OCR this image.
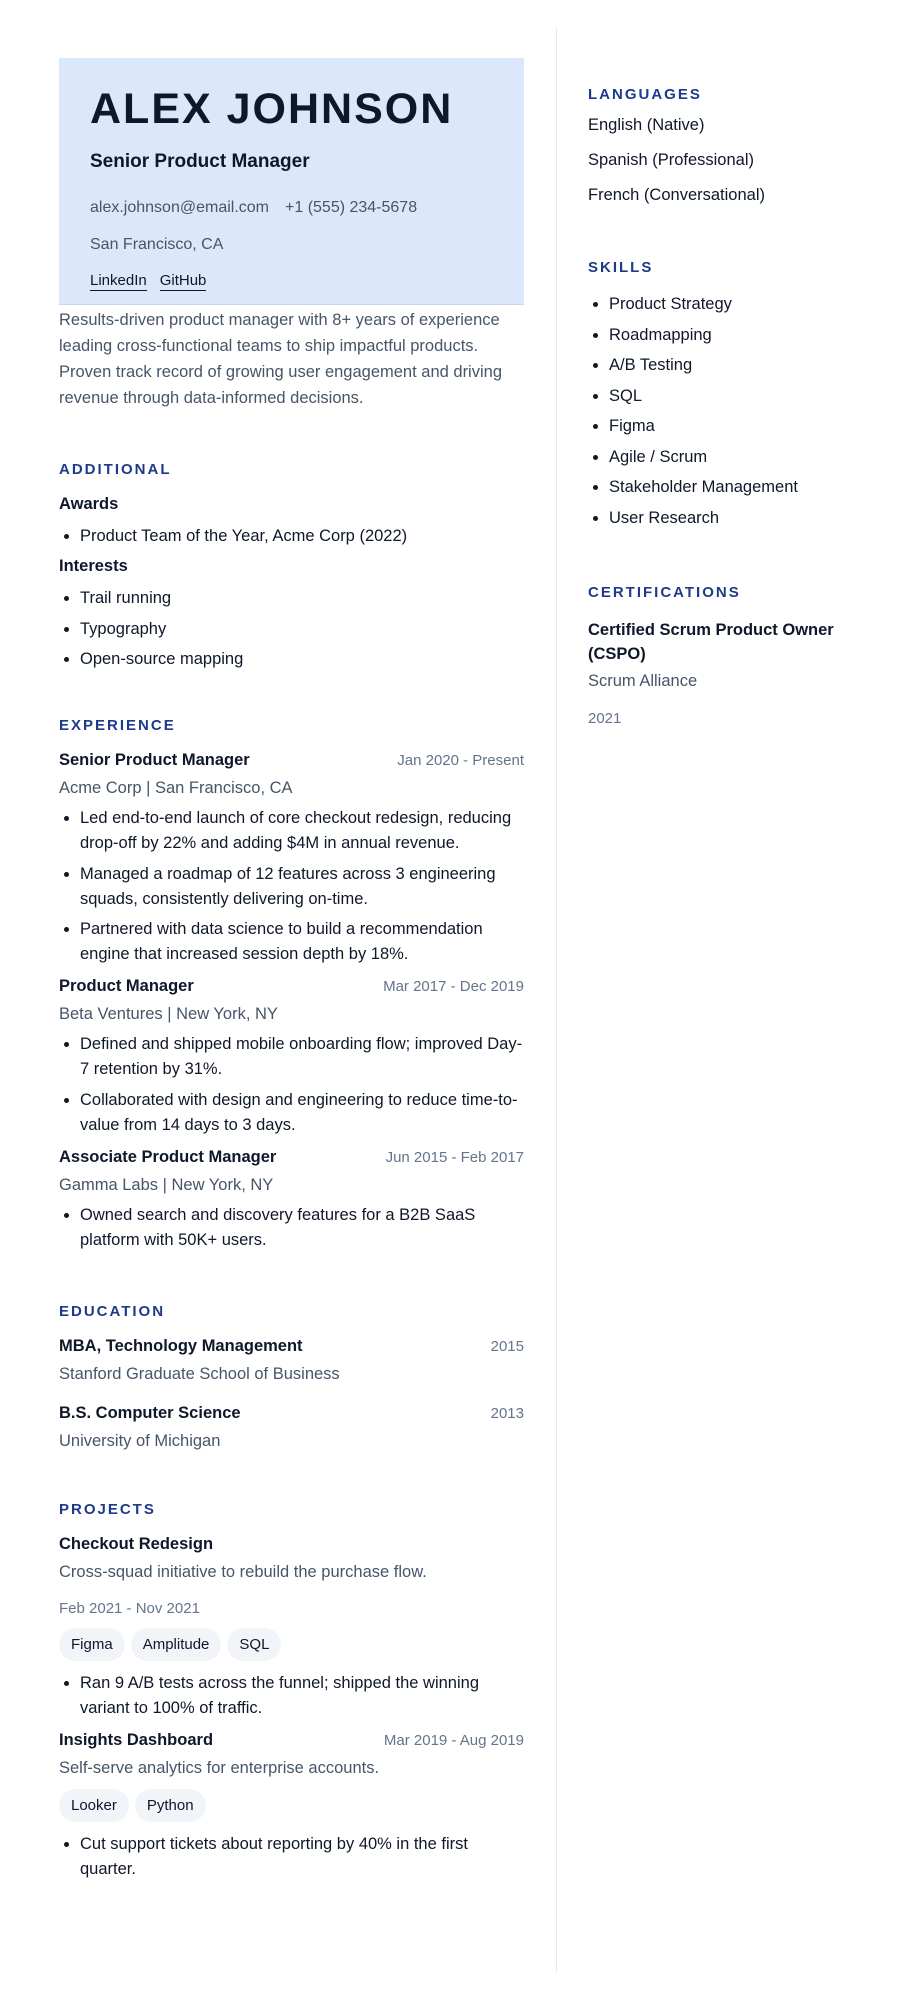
ALEX JOHNSON
Senior Product Manager
alex.johnson@email.com +1 (555) 234-5678
San Francisco, CA
LinkedIn GitHub
Results-driven product manager with 8+ years of experience leading cross-functional teams to ship impactful products. Proven track record of growing user engagement and driving revenue through data-informed decisions.
ADDITIONAL
Awards
• Product Team of the Year, Acme Corp (2022)
Interests
• Trail running
• Typography
• Open-source mapping
EXPERIENCE
Senior Product Manager	Jan 2020 - Present
Acme Corp | San Francisco, CA
• Led end-to-end launch of core checkout redesign, reducing drop-off by 22% and adding $4M in annual revenue.
• Managed a roadmap of 12 features across 3 engineering squads, consistently delivering on-time.
• Partnered with data science to build a recommendation engine that increased session depth by 18%.
Product Manager	Mar 2017 - Dec 2019
Beta Ventures | New York, NY
• Defined and shipped mobile onboarding flow; improved Day-7 retention by 31%.
• Collaborated with design and engineering to reduce time-to-value from 14 days to 3 days.
Associate Product Manager	Jun 2015 - Feb 2017
Gamma Labs | New York, NY
• Owned search and discovery features for a B2B SaaS platform with 50K+ users.
EDUCATION
MBA, Technology Management	2015
Stanford Graduate School of Business
B.S. Computer Science	2013
University of Michigan
PROJECTS
Checkout Redesign
Cross-squad initiative to rebuild the purchase flow.
Feb 2021 - Nov 2021
Figma Amplitude SQL
• Ran 9 A/B tests across the funnel; shipped the winning variant to 100% of traffic.
Insights Dashboard	Mar 2019 - Aug 2019
Self-serve analytics for enterprise accounts.
Looker Python
• Cut support tickets about reporting by 40% in the first quarter.
LANGUAGES
English (Native)
Spanish (Professional)
French (Conversational)
SKILLS
• Product Strategy
• Roadmapping
• A/B Testing
• SQL
• Figma
• Agile / Scrum
• Stakeholder Management
• User Research
CERTIFICATIONS
Certified Scrum Product Owner (CSPO)
Scrum Alliance
2021
